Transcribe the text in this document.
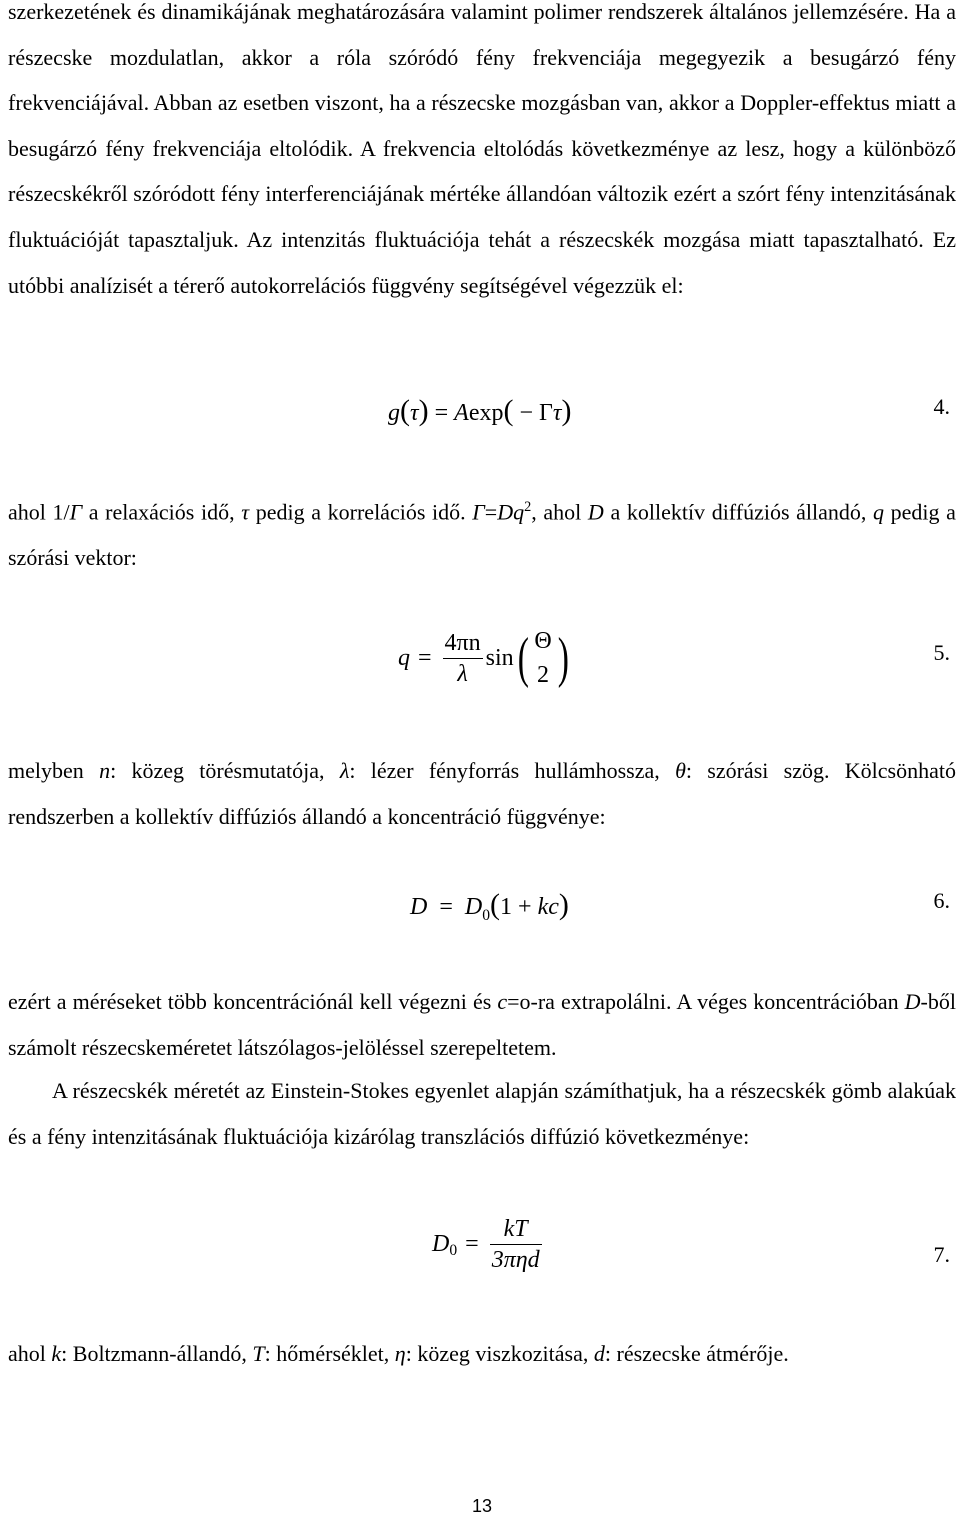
szerkezetének és dinamikájának meghatározására valamint polimer rendszerek általános jellemzésére. Ha a részecske mozdulatlan, akkor a róla szóródó fény frekvenciája megegyezik a besugárzó fény frekvenciájával. Abban az esetben viszont, ha a részecske mozgásban van, akkor a Doppler-effektus miatt a besugárzó fény frekvenciája eltolódik. A frekvencia eltolódás következménye az lesz, hogy a különböző részecskékről szóródott fény interferenciájának mértéke állandóan változik ezért a szórt fény intenzitásának fluktuációját tapasztaljuk. Az intenzitás fluktuációja tehát a részecskék mozgása miatt tapasztalható. Ez utóbbi analízisét a térerő autokorrelációs függvény segítségével végezzük el:

g(τ) = Aexp( − Γτ)	4.

ahol 1/Γ a relaxációs idő, τ pedig a korrelációs idő. $\Gamma=Dq^2$, ahol D a kollektív diffúziós állandó, q pedig a szórási vektor:

$q = \frac{4\pi n}{\lambda}$ sin ( Θ
2 )	5.

melyben n: közeg törésmutatója, λ: lézer fényforrás hullámhossza, θ: szórási szög. Kölcsönható rendszerben a kollektív diffúziós állandó a koncentráció függvénye:

$D = D_0(1 + kc)$	6.

ezért a méréseket több koncentrációnál kell végezni és c=o-ra extrapolálni. A véges koncentrációban D-ből számolt részecskeméretet látszólagos-jelöléssel szerepeltetem.

A részecskék méretét az Einstein-Stokes egyenlet alapján számíthatjuk, ha a részecskék gömb alakúak és a fény intenzitásának fluktuációja kizárólag transzlációs diffúzió következménye:

$D_0 = \frac{kT}{\text{3πηd}}$	7.

ahol k: Boltzmann-állandó, T: hőmérséklet, η: közeg viszkozitása, d: részecske átmérője.

13
